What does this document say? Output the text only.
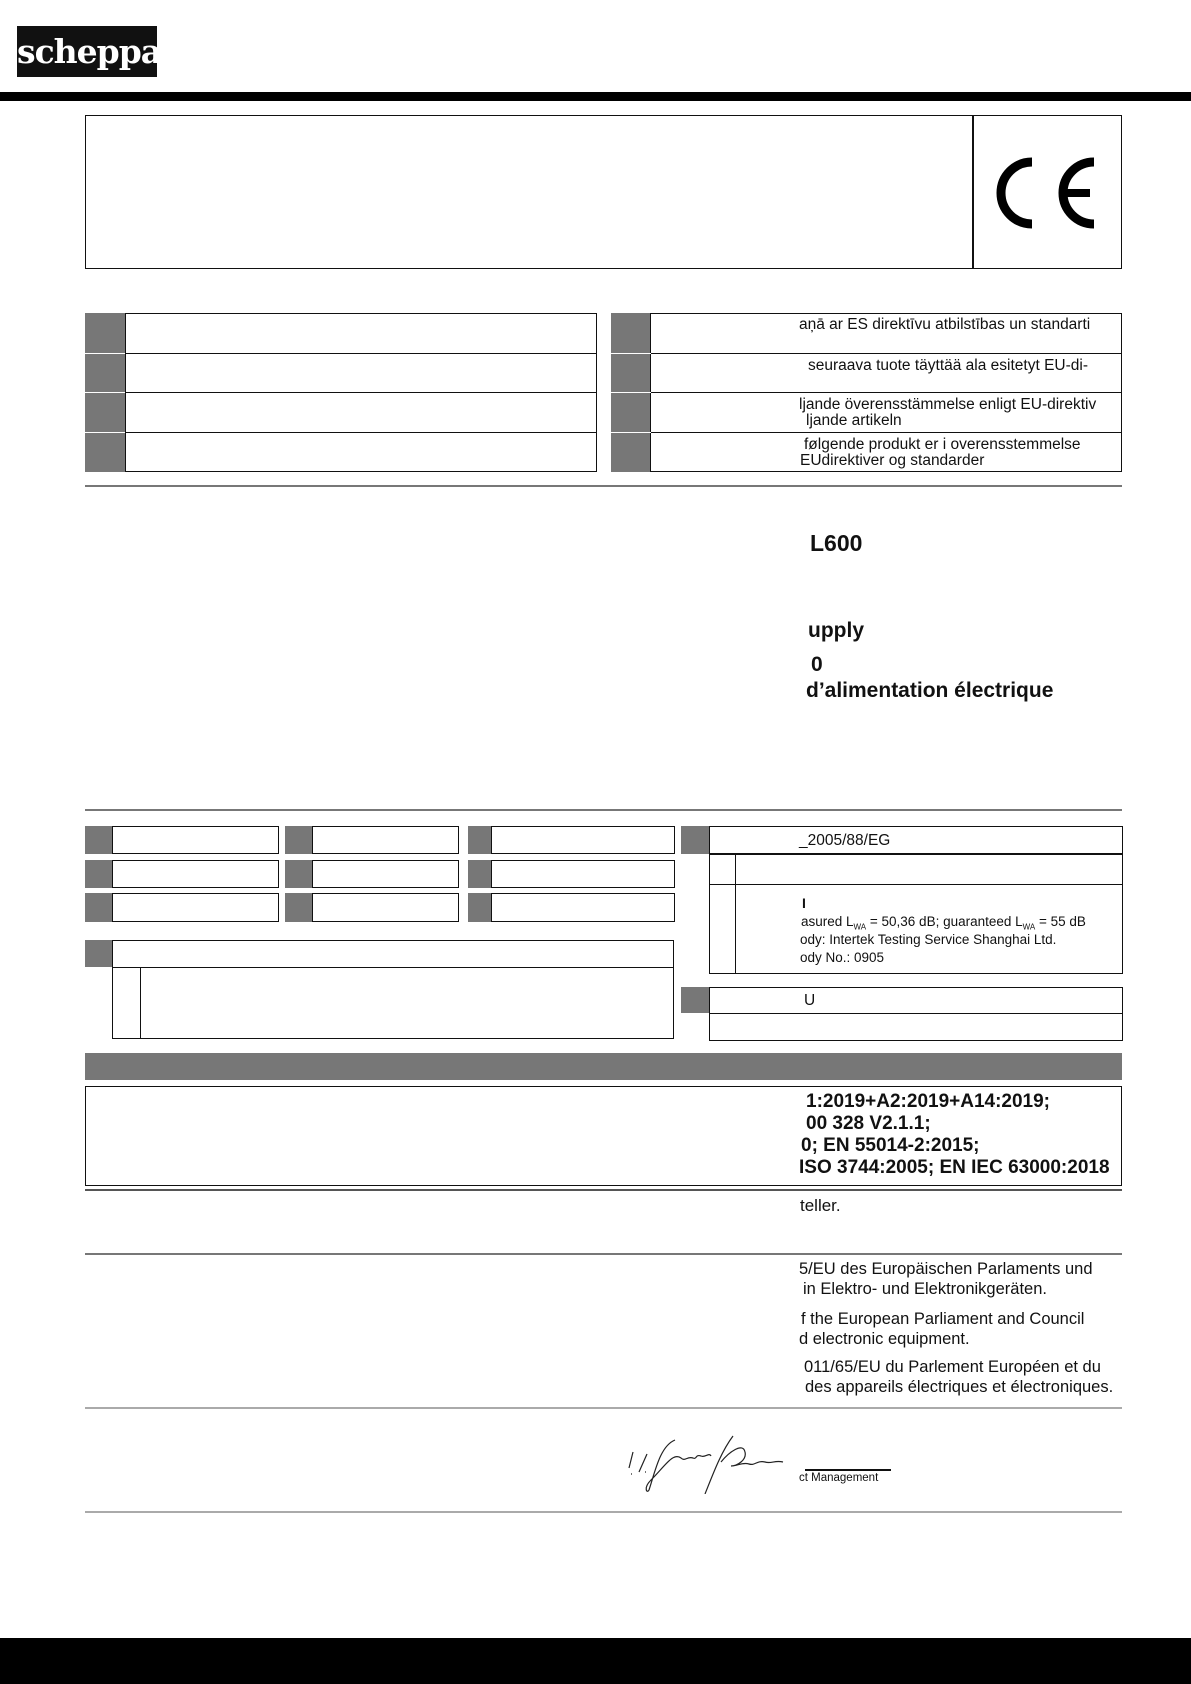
scheppach
aņā ar ES direktīvu atbilstības un standarti
seuraava tuote täyttää ala esitetyt EU-di-
ljande överensstämmelse enligt EU-direktiv
ljande artikeln
følgende produkt er i overensstemmelse
EUdirektiver og standarder
L600
upply
0
d’alimentation électrique
_2005/88/EG
I
asured $L_{WA} = 50,36$ dB; guaranteed $L_{WA} = 55$ dB
ody: Intertek Testing Service Shanghai Ltd.
ody No.: 0905
U
1:2019+A2:2019+A14:2019;
00 328 V2.1.1;
0; EN 55014-2:2015;
ISO 3744:2005; EN IEC 63000:2018
teller.
5/EU des Europäischen Parlaments und
in Elektro- und Elektronikgeräten.
f the European Parliament and Council
d electronic equipment.
011/65/EU du Parlement Européen et du
des appareils électriques et électroniques.
ct Management
